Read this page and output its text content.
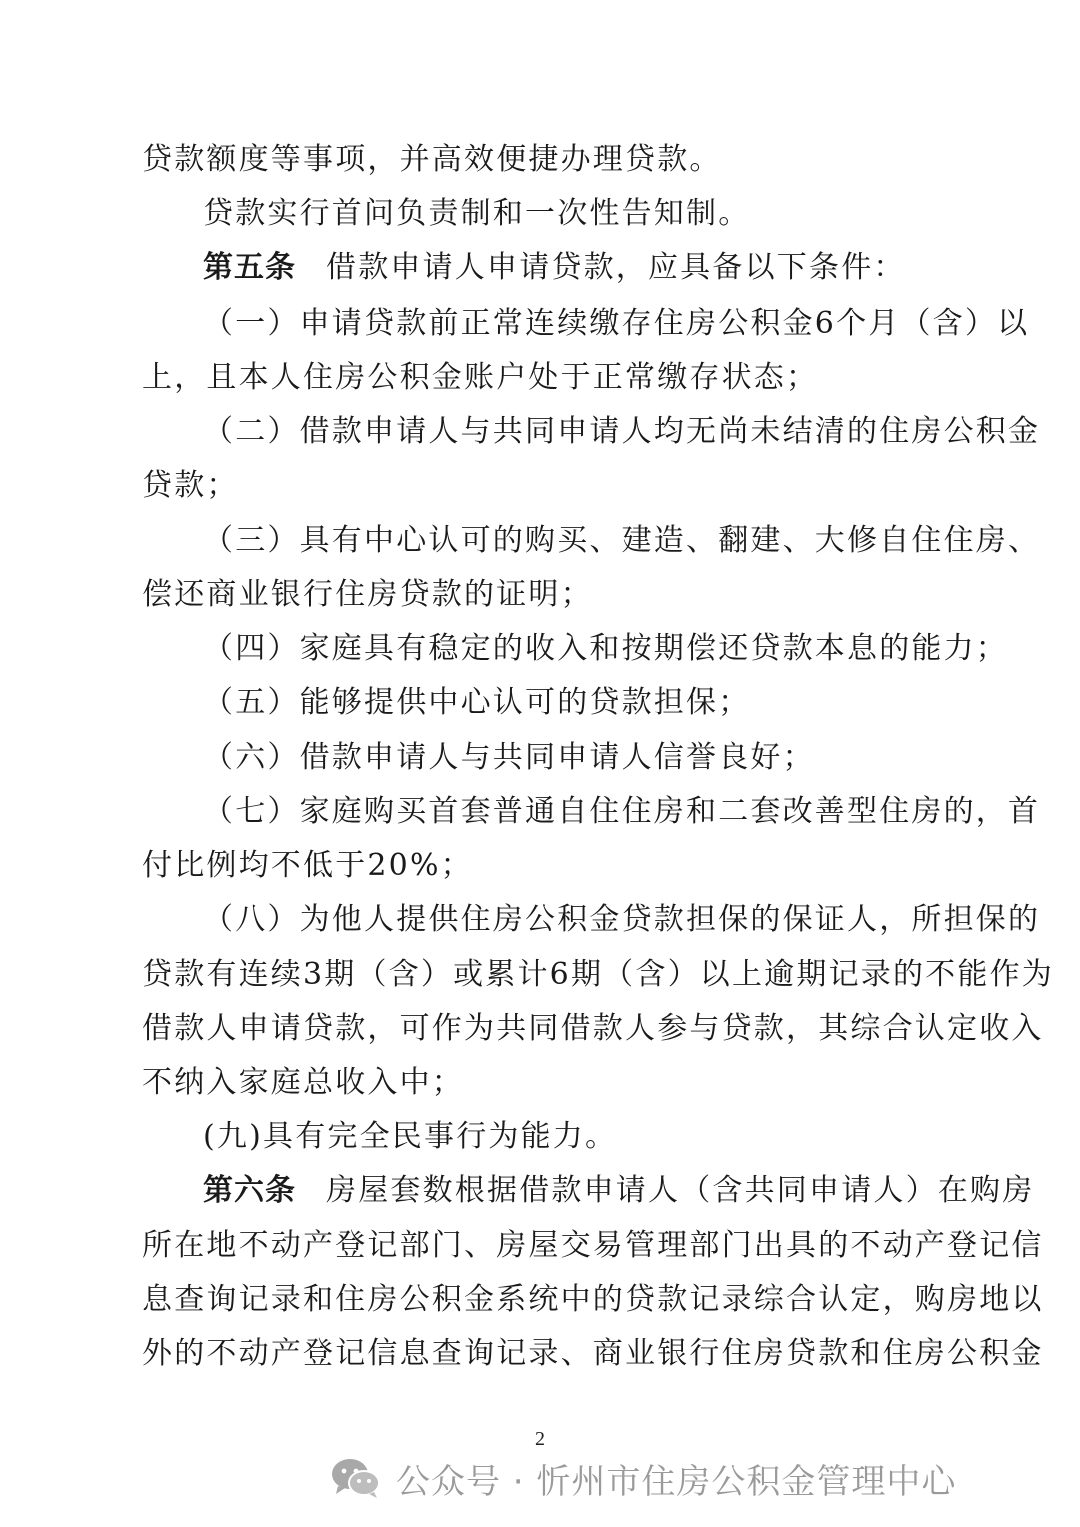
贷款额度等事项，并高效便捷办理贷款。
贷款实行首问负责制和一次性告知制。
第五条 借款申请人申请贷款，应具备以下条件：
（一）申请贷款前正常连续缴存住房公积金6个月（含）以
上，且本人住房公积金账户处于正常缴存状态；
（二）借款申请人与共同申请人均无尚未结清的住房公积金
贷款；
（三）具有中心认可的购买、建造、翻建、大修自住住房、
偿还商业银行住房贷款的证明；
（四）家庭具有稳定的收入和按期偿还贷款本息的能力；
（五）能够提供中心认可的贷款担保；
（六）借款申请人与共同申请人信誉良好；
（七）家庭购买首套普通自住住房和二套改善型住房的，首
付比例均不低于20%；
（八）为他人提供住房公积金贷款担保的保证人，所担保的
贷款有连续3期（含）或累计6期（含）以上逾期记录的不能作为
借款人申请贷款，可作为共同借款人参与贷款，其综合认定收入
不纳入家庭总收入中；
(九)具有完全民事行为能力。
第六条 房屋套数根据借款申请人（含共同申请人）在购房
所在地不动产登记部门、房屋交易管理部门出具的不动产登记信
息查询记录和住房公积金系统中的贷款记录综合认定，购房地以
外的不动产登记信息查询记录、商业银行住房贷款和住房公积金
2
公众号 · 忻州市住房公积金管理中心
